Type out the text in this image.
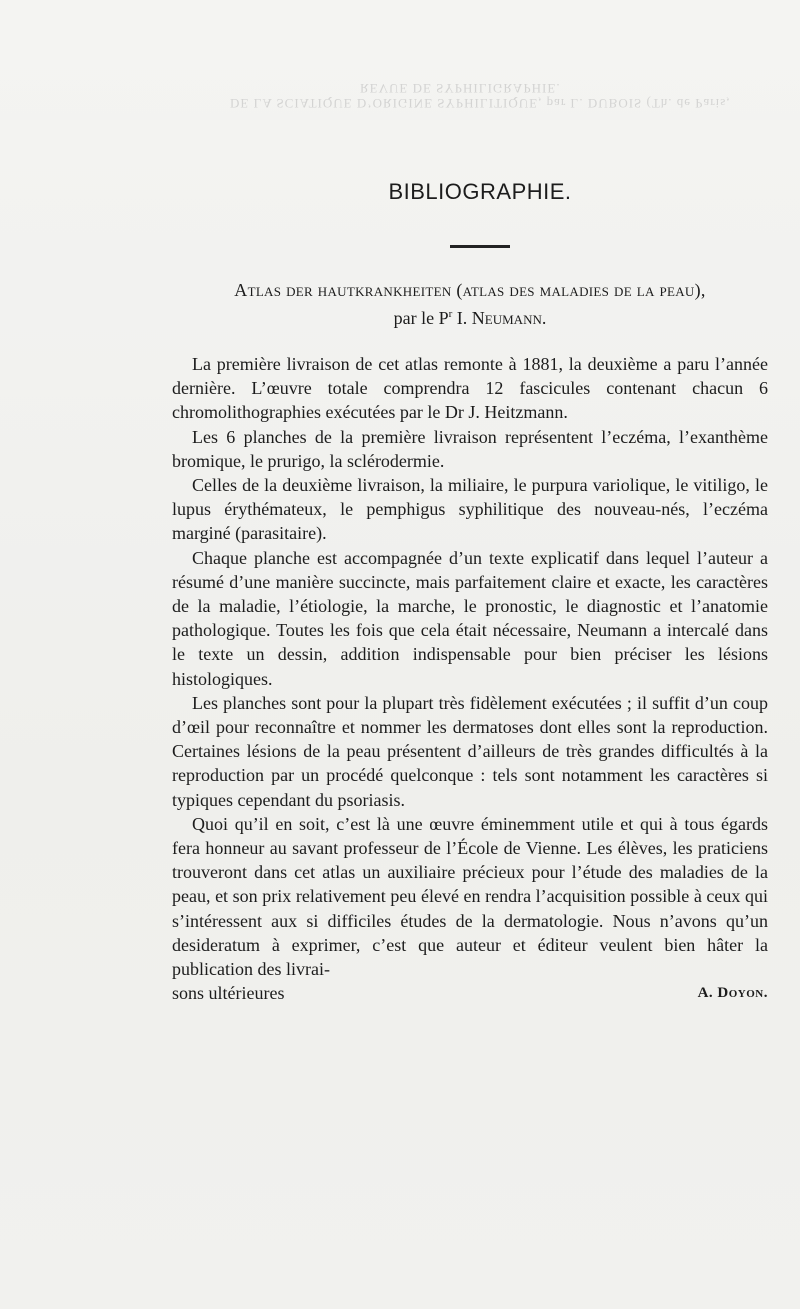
REVUE DE SYPHILIGRAPHIE.
DE LA SCIATIQUE D’ORIGINE SYPHILITIQUE, par L. DUBOIS (Th. de Paris,
BIBLIOGRAPHIE.
Atlas der hautkrankheiten (atlas des maladies de la peau),
par le $P^r$ I. Neumann.

La première livraison de cet atlas remonte à 1881, la deuxième a paru l’année dernière. L’œuvre totale comprendra 12 fascicules contenant chacun 6 chromolithographies exécutées par le Dr J. Heitzmann.

Les 6 planches de la première livraison représentent l’eczéma, l’exanthème bromique, le prurigo, la sclérodermie.

Celles de la deuxième livraison, la miliaire, le purpura variolique, le vitiligo, le lupus érythémateux, le pemphigus syphilitique des nouveau-nés, l’eczéma marginé (parasitaire).

Chaque planche est accompagnée d’un texte explicatif dans lequel l’auteur a résumé d’une manière succincte, mais parfaitement claire et exacte, les caractères de la maladie, l’étiologie, la marche, le pronostic, le diagnostic et l’anatomie pathologique. Toutes les fois que cela était nécessaire, Neumann a intercalé dans le texte un dessin, addition indispensable pour bien préciser les lésions histologiques.

Les planches sont pour la plupart très fidèlement exécutées ; il suffit d’un coup d’œil pour reconnaître et nommer les dermatoses dont elles sont la reproduction. Certaines lésions de la peau présentent d’ailleurs de très grandes difficultés à la reproduction par un procédé quelconque : tels sont notamment les caractères si typiques cependant du psoriasis.

Quoi qu’il en soit, c’est là une œuvre éminemment utile et qui à tous égards fera honneur au savant professeur de l’École de Vienne. Les élèves, les praticiens trouveront dans cet atlas un auxiliaire précieux pour l’étude des maladies de la peau, et son prix relativement peu élevé en rendra l’acquisition possible à ceux qui s’intéressent aux si difficiles études de la dermatologie. Nous n’avons qu’un desideratum à exprimer, c’est que auteur et éditeur veulent bien hâter la publication des livrai-

sons ultérieures	A. Doyon.
